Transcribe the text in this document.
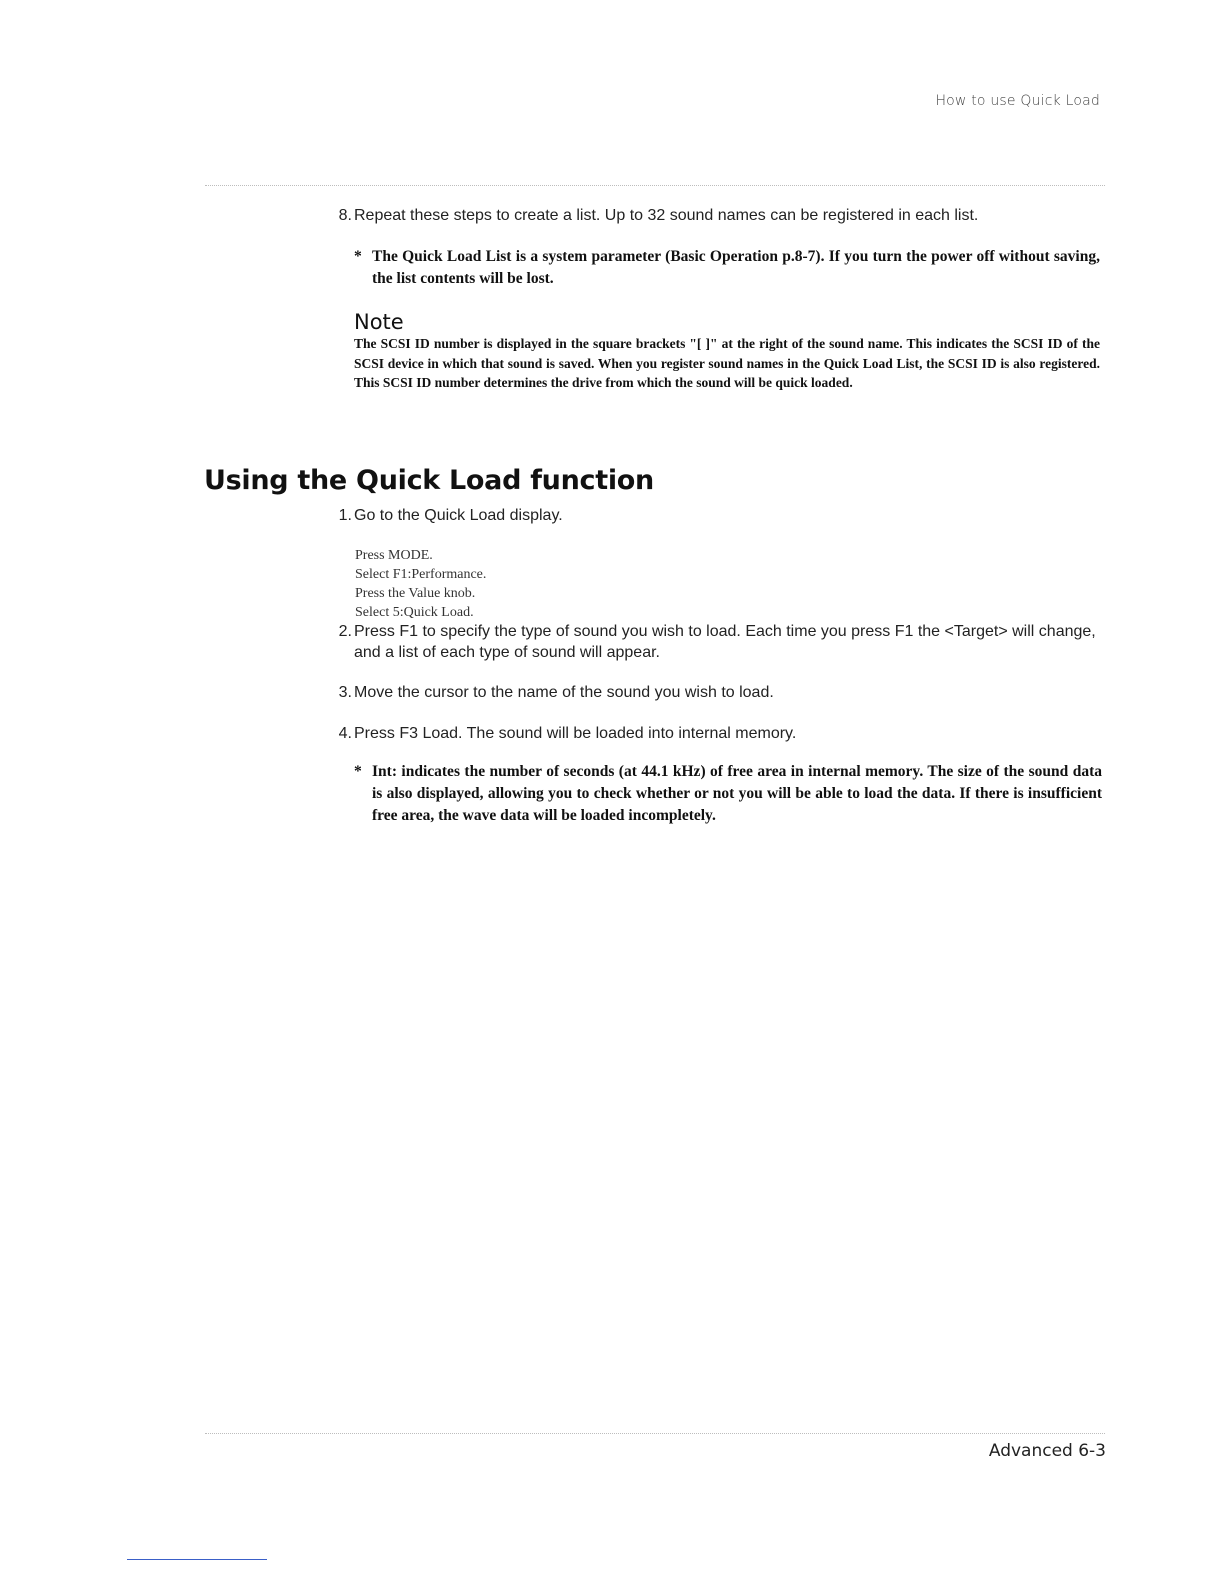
How to use Quick Load
8. Repeat these steps to create a list. Up to 32 sound names can be registered in each list.
* The Quick Load List is a system parameter (Basic Operation p.8-7). If you turn the power off without saving, the list contents will be lost.
Note
The SCSI ID number is displayed in the square brackets "[ ]" at the right of the sound name. This indicates the SCSI ID of the SCSI device in which that sound is saved. When you register sound names in the Quick Load List, the SCSI ID is also registered. This SCSI ID number determines the drive from which the sound will be quick loaded.
Using the Quick Load function
1. Go to the Quick Load display.
Press MODE.
Select F1:Performance.
Press the Value knob.
Select 5:Quick Load.
2. Press F1 to specify the type of sound you wish to load. Each time you press F1 the <Target> will change, and a list of each type of sound will appear.
3. Move the cursor to the name of the sound you wish to load.
4. Press F3 Load. The sound will be loaded into internal memory.
* Int: indicates the number of seconds (at 44.1 kHz) of free area in internal memory. The size of the sound data is also displayed, allowing you to check whether or not you will be able to load the data. If there is insufficient free area, the wave data will be loaded incompletely.
Advanced 6-3
